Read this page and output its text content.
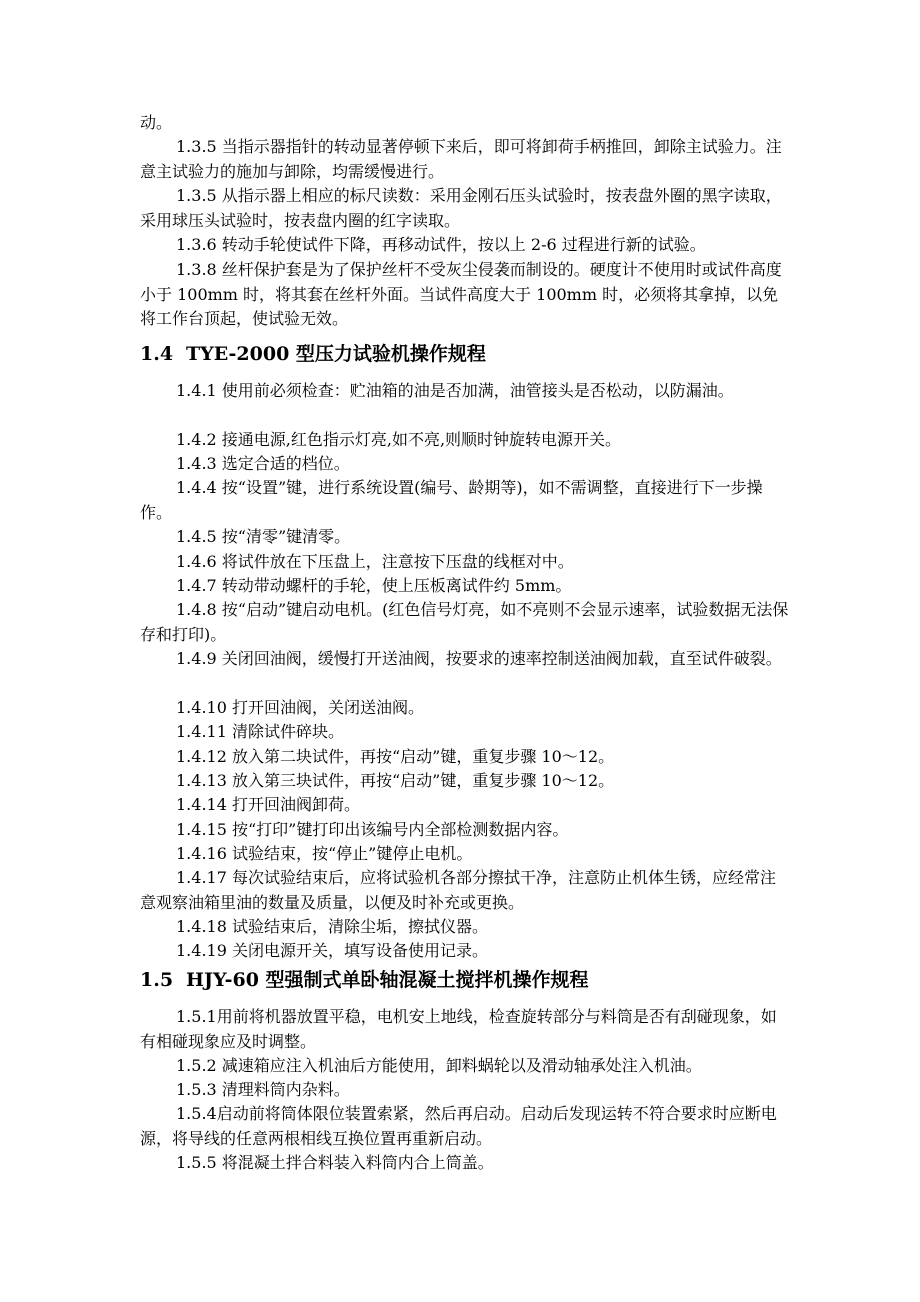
动。

1.3.5 当指示器指针的转动显著停顿下来后，即可将卸荷手柄推回，卸除主试验力。注意主试验力的施加与卸除，均需缓慢进行。

1.3.5 从指示器上相应的标尺读数：采用金刚石压头试验时，按表盘外圈的黑字读取，采用球压头试验时，按表盘内圈的红字读取。

1.3.6 转动手轮使试件下降，再移动试件，按以上 2-6 过程进行新的试验。

1.3.8 丝杆保护套是为了保护丝杆不受灰尘侵袭而制设的。硬度计不使用时或试件高度小于 100mm 时，将其套在丝杆外面。当试件高度大于 100mm 时，必须将其拿掉，以免将工作台顶起，使试验无效。

1.4 TYE-2000 型压力试验机操作规程

1.4.1 使用前必须检查：贮油箱的油是否加满，油管接头是否松动，以防漏油。

1.4.2 接通电源,红色指示灯亮,如不亮,则顺时钟旋转电源开关。

1.4.3 选定合适的档位。

1.4.4 按“设置”键，进行系统设置(编号、龄期等)，如不需调整，直接进行下一步操作。

1.4.5 按“清零”键清零。

1.4.6 将试件放在下压盘上，注意按下压盘的线框对中。

1.4.7 转动带动螺杆的手轮，使上压板离试件约 5mm。

1.4.8 按“启动”键启动电机。(红色信号灯亮，如不亮则不会显示速率，试验数据无法保存和打印)。

1.4.9 关闭回油阀，缓慢打开送油阀，按要求的速率控制送油阀加载，直至试件破裂。

1.4.10 打开回油阀，关闭送油阀。

1.4.11 清除试件碎块。

1.4.12 放入第二块试件，再按“启动”键，重复步骤 10～12。

1.4.13 放入第三块试件，再按“启动”键，重复步骤 10～12。

1.4.14 打开回油阀卸荷。

1.4.15 按“打印”键打印出该编号内全部检测数据内容。

1.4.16 试验结束，按“停止”键停止电机。

1.4.17 每次试验结束后，应将试验机各部分擦拭干净，注意防止机体生锈，应经常注意观察油箱里油的数量及质量，以便及时补充或更换。

1.4.18 试验结束后，清除尘垢，擦拭仪器。

1.4.19 关闭电源开关，填写设备使用记录。

1.5 HJY-60 型强制式单卧轴混凝土搅拌机操作规程

1.5.1用前将机器放置平稳，电机安上地线，检查旋转部分与料筒是否有刮碰现象，如有相碰现象应及时调整。

1.5.2 减速箱应注入机油后方能使用，卸料蜗轮以及滑动轴承处注入机油。

1.5.3 清理料筒内杂料。

1.5.4启动前将筒体限位装置索紧，然后再启动。启动后发现运转不符合要求时应断电源，将导线的任意两根相线互换位置再重新启动。

1.5.5 将混凝土拌合料装入料筒内合上筒盖。
